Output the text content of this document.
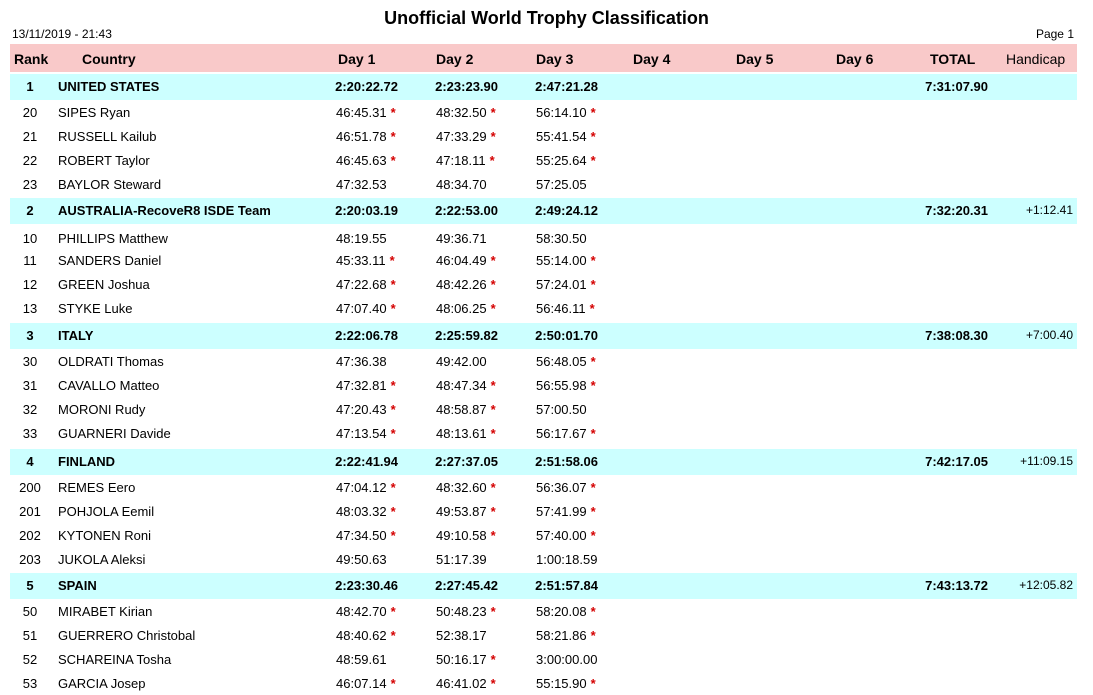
Unofficial World Trophy Classification
13/11/2019 - 21:43	Page 1
Rank Country	Day 1	Day 2	Day 3	Day 4	Day 5	Day 6	TOTAL Handicap
1	UNITED STATES	2:20:22.72	2:23:23.90	2:47:21.28	7:31:07.90
20	SIPES Ryan	46:45.31 *	48:32.50 *	56:14.10 *
21	RUSSELL Kailub	46:51.78 *	47:33.29 *	55:41.54 *
22	ROBERT Taylor	46:45.63 *	47:18.11 *	55:25.64 *
23	BAYLOR Steward	47:32.53	48:34.70	57:25.05
2	AUSTRALIA-RecoveR8 ISDE Team	2:20:03.19	2:22:53.00	2:49:24.12	7:32:20.31	+1:12.41
10	PHILLIPS Matthew	48:19.55	49:36.71	58:30.50
11	SANDERS Daniel	45:33.11 *	46:04.49 *	55:14.00 *
12	GREEN Joshua	47:22.68 *	48:42.26 *	57:24.01 *
13	STYKE Luke	47:07.40 *	48:06.25 *	56:46.11 *
3	ITALY	2:22:06.78	2:25:59.82	2:50:01.70	7:38:08.30	+7:00.40
30	OLDRATI Thomas	47:36.38	49:42.00	56:48.05 *
31	CAVALLO Matteo	47:32.81 *	48:47.34 *	56:55.98 *
32	MORONI Rudy	47:20.43 *	48:58.87 *	57:00.50
33	GUARNERI Davide	47:13.54 *	48:13.61 *	56:17.67 *
4	FINLAND	2:22:41.94	2:27:37.05	2:51:58.06	7:42:17.05	+11:09.15
200	REMES Eero	47:04.12 *	48:32.60 *	56:36.07 *
201	POHJOLA Eemil	48:03.32 *	49:53.87 *	57:41.99 *
202	KYTONEN Roni	47:34.50 *	49:10.58 *	57:40.00 *
203	JUKOLA Aleksi	49:50.63	51:17.39	1:00:18.59
5	SPAIN	2:23:30.46	2:27:45.42	2:51:57.84	7:43:13.72	+12:05.82
50	MIRABET Kirian	48:42.70 *	50:48.23 *	58:20.08 *
51	GUERRERO Christobal	48:40.62 *	52:38.17	58:21.86 *
52	SCHAREINA Tosha	48:59.61	50:16.17 *	3:00:00.00
53	GARCIA Josep	46:07.14 *	46:41.02 *	55:15.90 *
